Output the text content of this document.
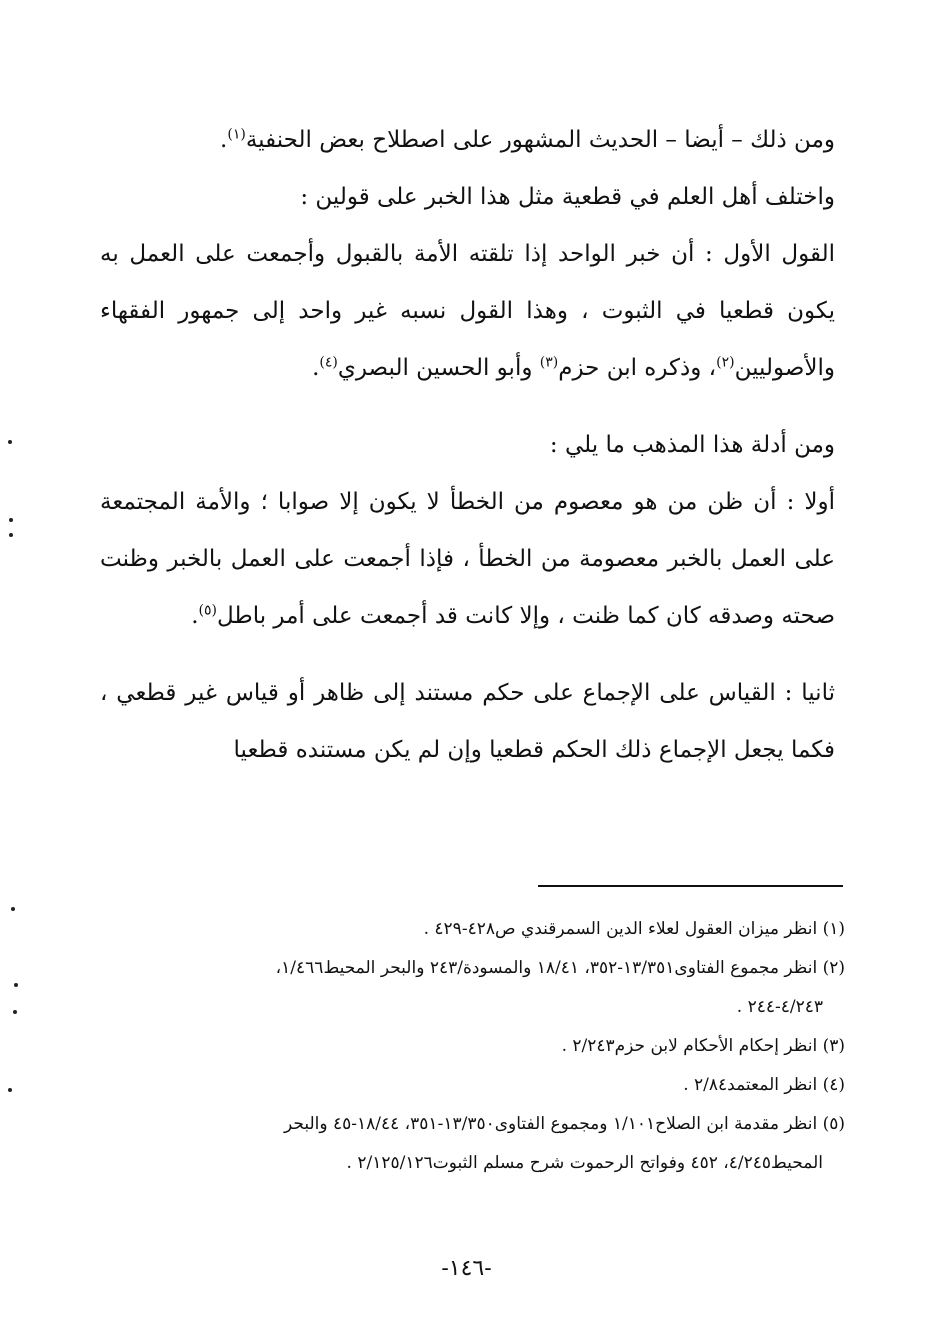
ومن ذلك – أيضا – الحديث المشهور على اصطلاح بعض الحنفية$^{(١)}$.

واختلف أهل العلم في قطعية مثل هذا الخبر على قولين :

القول الأول : أن خبر الواحد إذا تلقته الأمة بالقبول وأجمعت على العمل به يكون قطعيا في الثبوت ، وهذا القول نسبه غير واحد إلى جمهور الفقهاء والأصوليين$^{(٢)}$، وذكره ابن حزم$^{(٣)}$ وأبو الحسين البصري$^{(٤)}$.

ومن أدلة هذا المذهب ما يلي :

أولا : أن ظن من هو معصوم من الخطأ لا يكون إلا صوابا ؛ والأمة المجتمعة على العمل بالخبر معصومة من الخطأ ، فإذا أجمعت على العمل بالخبر وظنت صحته وصدقه كان كما ظنت ، وإلا كانت قد أجمعت على أمر باطل$^{(٥)}$.

ثانيا : القياس على الإجماع على حكم مستند إلى ظاهر أو قياس غير قطعي ، فكما يجعل الإجماع ذلك الحكم قطعيا وإن لم يكن مستنده قطعيا

(١) انظر ميزان العقول لعلاء الدين السمرقندي ص٤٢٨-٤٢٩ .

(٢) انظر مجموع الفتاوى١٣/٣٥١-٣٥٢، ١٨/٤١ والمسودة/٢٤٣ والبحر المحيط١/٤٦٦،

٤/٢٤٣-٢٤٤ .

(٣) انظر إحكام الأحكام لابن حزم٢/٢٤٣ .

(٤) انظر المعتمد٢/٨٤ .

(٥) انظر مقدمة ابن الصلاح١/١٠١ ومجموع الفتاوى١٣/٣٥٠-٣٥١، ١٨/٤٤-٤٥ والبحر

المحيط٤/٢٤٥، ٤٥٢ وفواتح الرحموت شرح مسلم الثبوت٢/١٢٥/١٢٦ .

-١٤٦-
